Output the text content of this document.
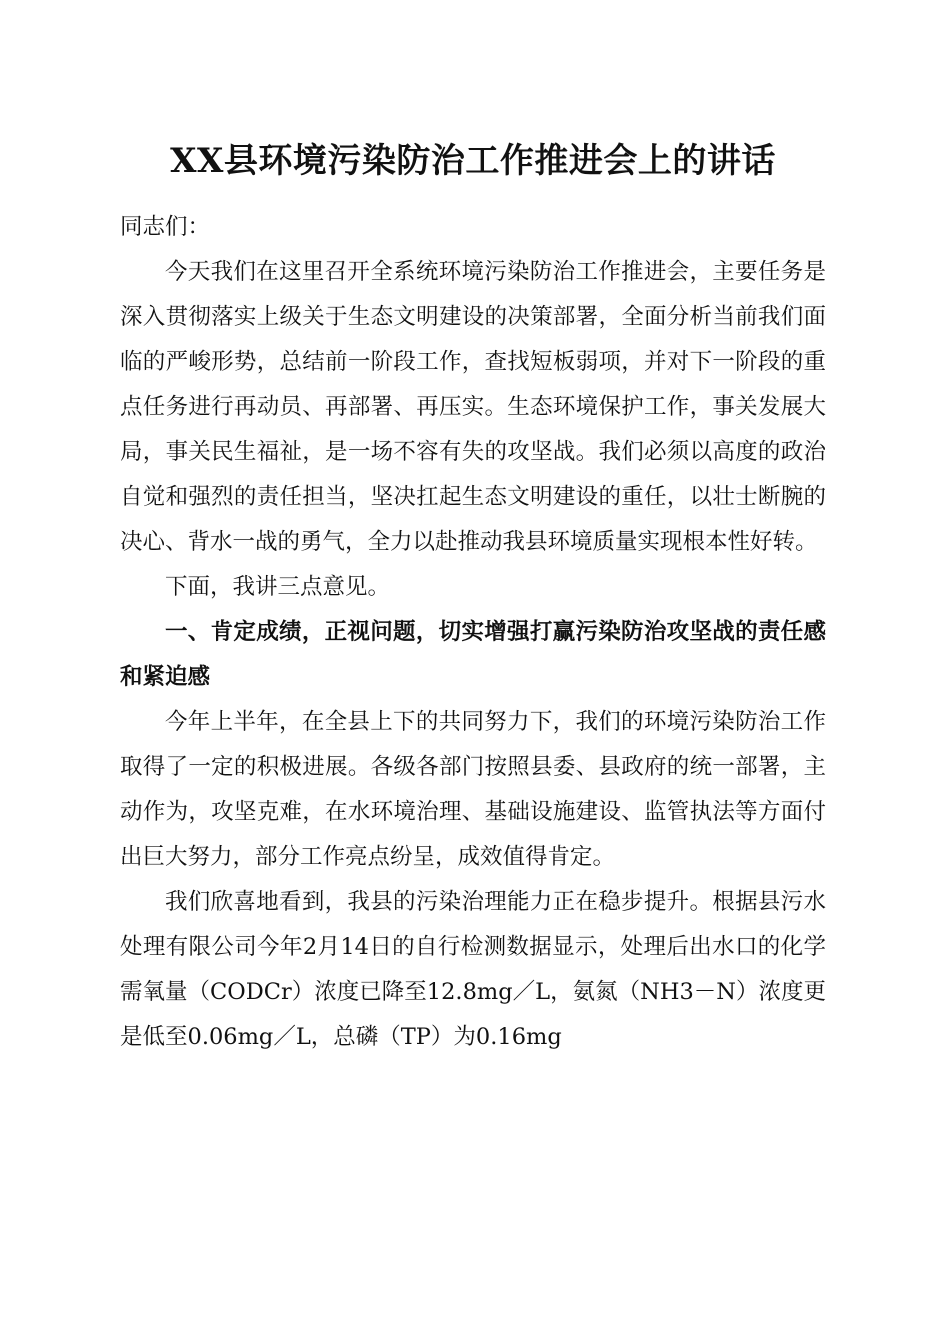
XX县环境污染防治工作推进会上的讲话

同志们：

今天我们在这里召开全系统环境污染防治工作推进会，主要任务是深入贯彻落实上级关于生态文明建设的决策部署，全面分析当前我们面临的严峻形势，总结前一阶段工作，查找短板弱项，并对下一阶段的重点任务进行再动员、再部署、再压实。生态环境保护工作，事关发展大局，事关民生福祉，是一场不容有失的攻坚战。我们必须以高度的政治自觉和强烈的责任担当，坚决扛起生态文明建设的重任，以壮士断腕的决心、背水一战的勇气，全力以赴推动我县环境质量实现根本性好转。

下面，我讲三点意见。

一、肯定成绩，正视问题，切实增强打赢污染防治攻坚战的责任感和紧迫感

今年上半年，在全县上下的共同努力下，我们的环境污染防治工作取得了一定的积极进展。各级各部门按照县委、县政府的统一部署，主动作为，攻坚克难，在水环境治理、基础设施建设、监管执法等方面付出巨大努力，部分工作亮点纷呈，成效值得肯定。

我们欣喜地看到，我县的污染治理能力正在稳步提升。根据县污水处理有限公司今年2月14日的自行检测数据显示，处理后出水口的化学需氧量（CODCr）浓度已降至12.8mg／L，氨氮（NH3－N）浓度更是低至0.06mg／L，总磷（TP）为0.16mg
